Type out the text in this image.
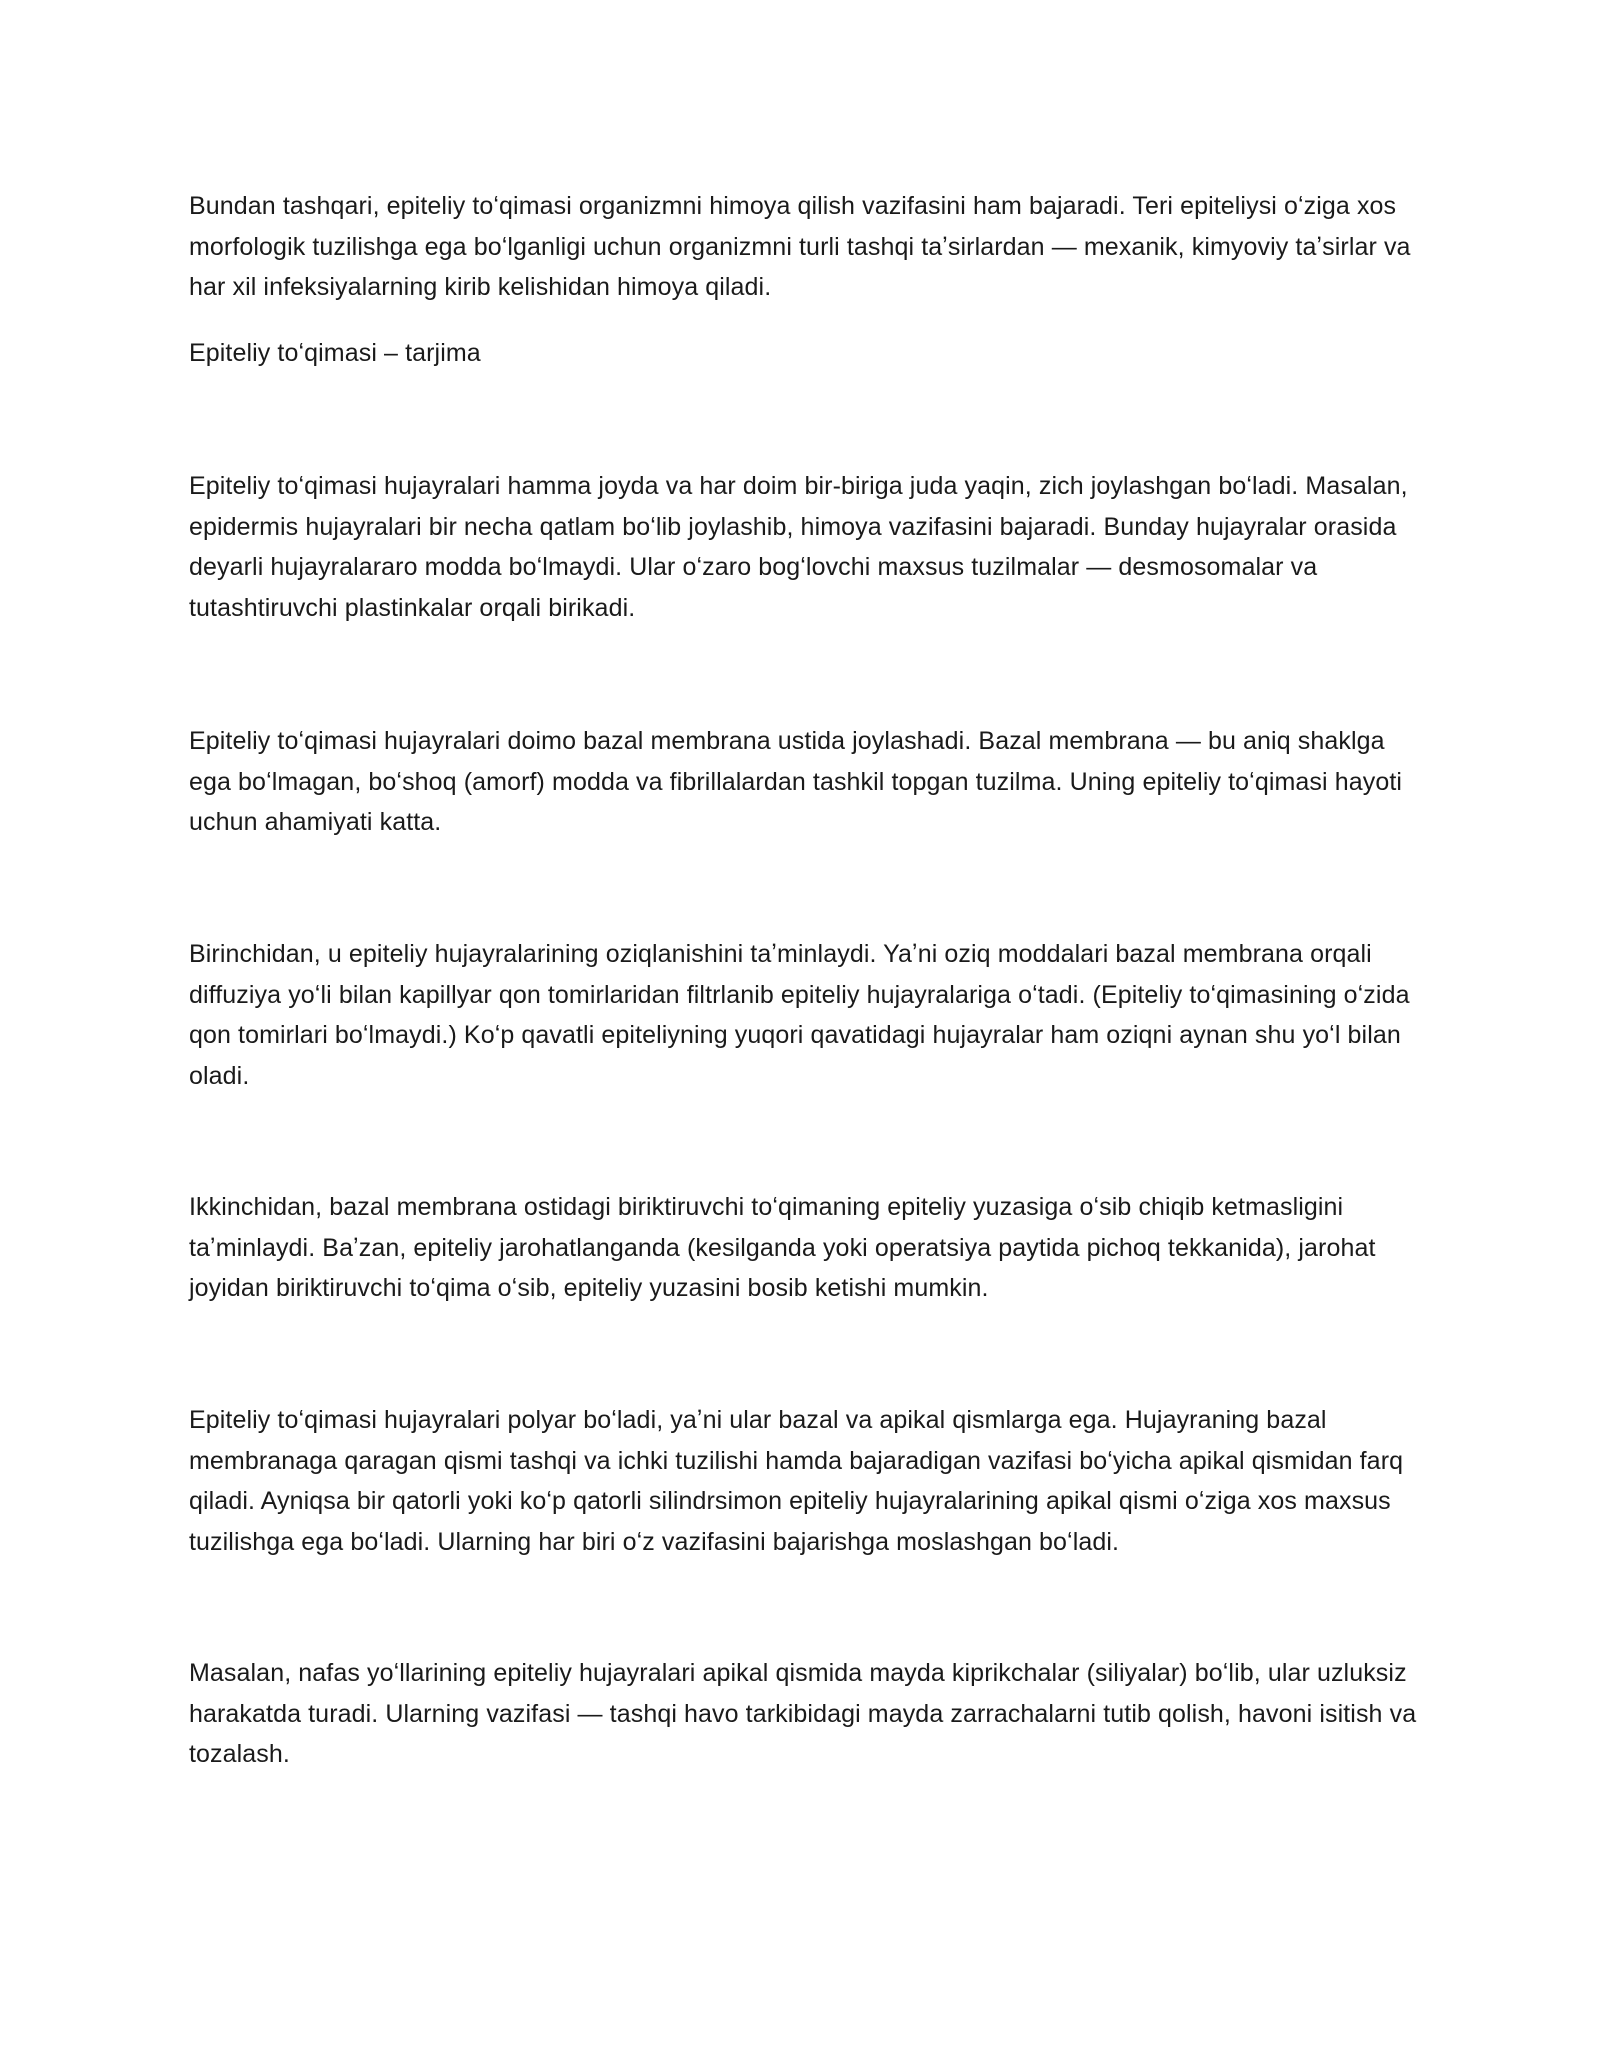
Bundan tashqari, epiteliy toʻqimasi organizmni himoya qilish vazifasini ham bajaradi. Teri epiteliysi oʻziga xos morfologik tuzilishga ega boʻlganligi uchun organizmni turli tashqi taʼsirlardan — mexanik, kimyoviy taʼsirlar va har xil infeksiyalarning kirib kelishidan himoya qiladi.

Epiteliy toʻqimasi – tarjima

Epiteliy toʻqimasi hujayralari hamma joyda va har doim bir-biriga juda yaqin, zich joylashgan boʻladi. Masalan, epidermis hujayralari bir necha qatlam boʻlib joylashib, himoya vazifasini bajaradi. Bunday hujayralar orasida deyarli hujayralararo modda boʻlmaydi. Ular oʻzaro bogʻlovchi maxsus tuzilmalar — desmosomalar va tutashtiruvchi plastinkalar orqali birikadi.

Epiteliy toʻqimasi hujayralari doimo bazal membrana ustida joylashadi. Bazal membrana — bu aniq shaklga ega boʻlmagan, boʻshoq (amorf) modda va fibrillalardan tashkil topgan tuzilma. Uning epiteliy toʻqimasi hayoti uchun ahamiyati katta.

Birinchidan, u epiteliy hujayralarining oziqlanishini taʼminlaydi. Yaʼni oziq moddalari bazal membrana orqali diffuziya yoʻli bilan kapillyar qon tomirlaridan filtrlanib epiteliy hujayralariga oʻtadi. (Epiteliy toʻqimasining oʻzida qon tomirlari boʻlmaydi.) Koʻp qavatli epiteliyning yuqori qavatidagi hujayralar ham oziqni aynan shu yoʻl bilan oladi.

Ikkinchidan, bazal membrana ostidagi biriktiruvchi toʻqimaning epiteliy yuzasiga oʻsib chiqib ketmasligini taʼminlaydi. Baʼzan, epiteliy jarohatlanganda (kesilganda yoki operatsiya paytida pichoq tekkanida), jarohat joyidan biriktiruvchi toʻqima oʻsib, epiteliy yuzasini bosib ketishi mumkin.

Epiteliy toʻqimasi hujayralari polyar boʻladi, yaʼni ular bazal va apikal qismlarga ega. Hujayraning bazal membranaga qaragan qismi tashqi va ichki tuzilishi hamda bajaradigan vazifasi boʻyicha apikal qismidan farq qiladi. Ayniqsa bir qatorli yoki koʻp qatorli silindrsimon epiteliy hujayralarining apikal qismi oʻziga xos maxsus tuzilishga ega boʻladi. Ularning har biri oʻz vazifasini bajarishga moslashgan boʻladi.

Masalan, nafas yoʻllarining epiteliy hujayralari apikal qismida mayda kiprikchalar (siliyalar) boʻlib, ular uzluksiz harakatda turadi. Ularning vazifasi — tashqi havo tarkibidagi mayda zarrachalarni tutib qolish, havoni isitish va tozalash.
